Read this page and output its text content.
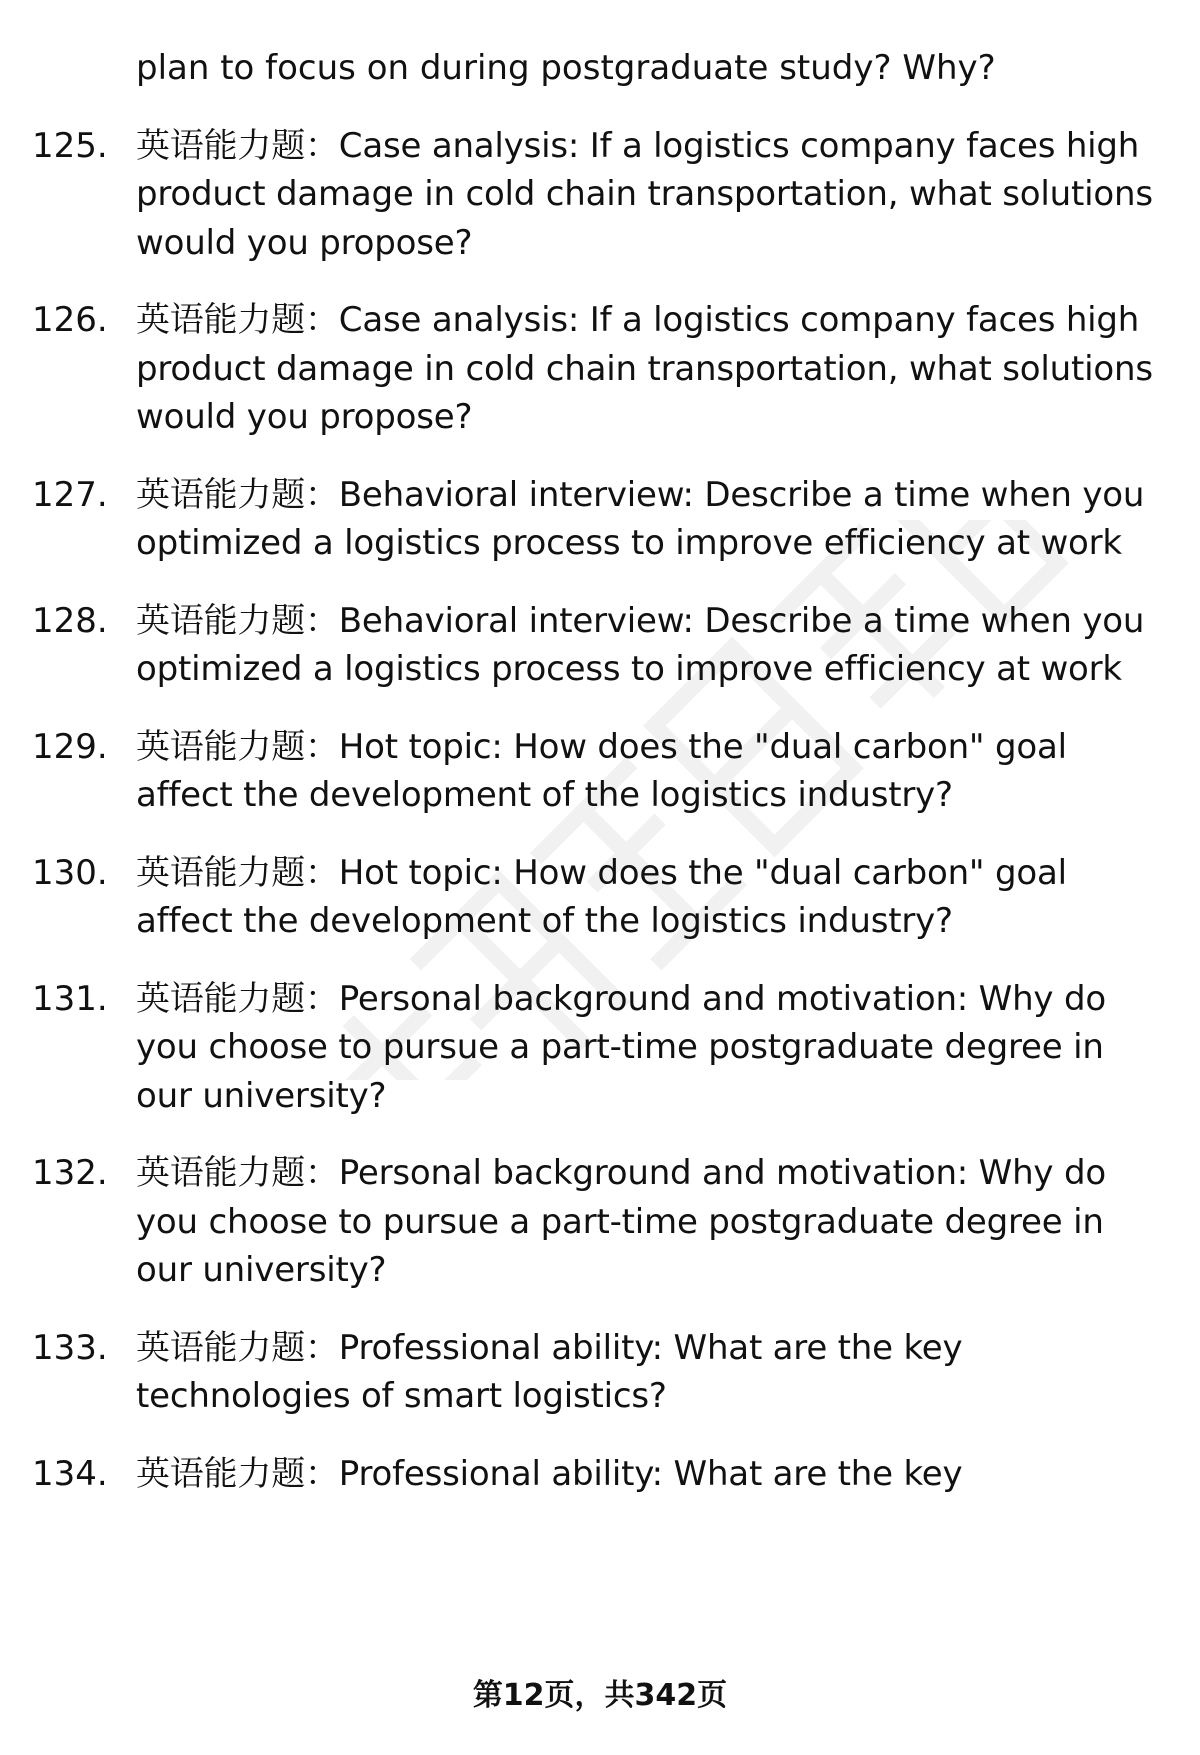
plan to focus on during postgraduate study? Why?
125. 英语能力题：Case analysis: If a logistics company faces high product damage in cold chain transportation, what solutions would you propose?
126. 英语能力题：Case analysis: If a logistics company faces high product damage in cold chain transportation, what solutions would you propose?
127. 英语能力题：Behavioral interview: Describe a time when you optimized a logistics process to improve efficiency at work
128. 英语能力题：Behavioral interview: Describe a time when you optimized a logistics process to improve efficiency at work
129. 英语能力题：Hot topic: How does the "dual carbon" goal affect the development of the logistics industry?
130. 英语能力题：Hot topic: How does the "dual carbon" goal affect the development of the logistics industry?
131. 英语能力题：Personal background and motivation: Why do you choose to pursue a part-time postgraduate degree in our university?
132. 英语能力题：Personal background and motivation: Why do you choose to pursue a part-time postgraduate degree in our university?
133. 英语能力题：Professional ability: What are the key technologies of smart logistics?
134. 英语能力题：Professional ability: What are the key
第12页，共342页
